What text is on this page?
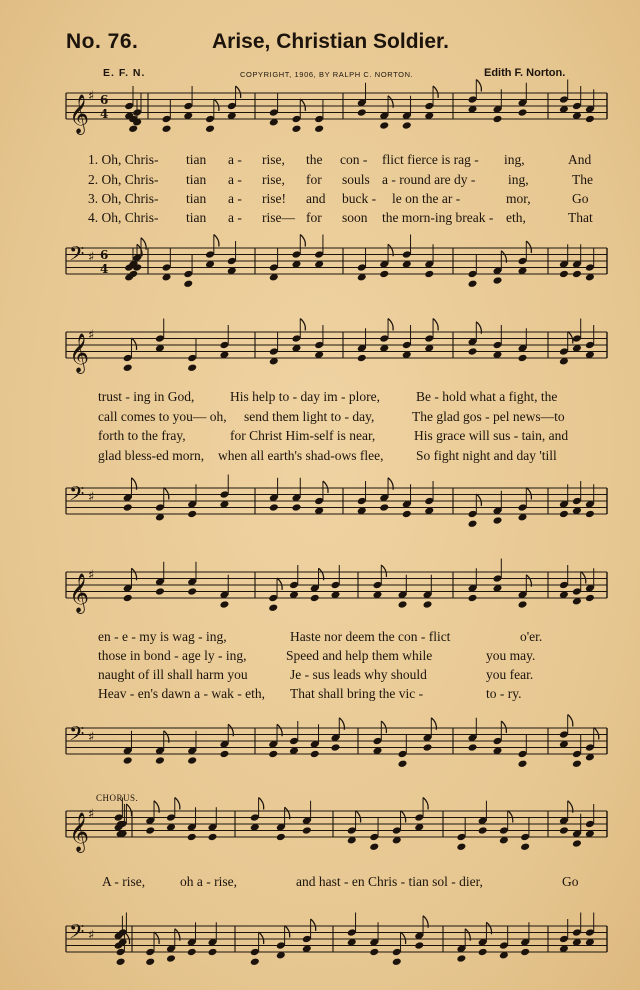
No. 76.	Arise, Christian Soldier.
E. F. N.	COPYRIGHT, 1906, BY RALPH C. NORTON.	Edith F. Norton.
𝄞
♯ 6
4
𝄢 ♯ 6
4
𝄞
♯
𝄢 ♯
𝄞
♯
𝄢 ♯
𝄞
♯
𝄢 ♯
1. Oh, Chris- tian a - rise, the con - flict fierce is rag - ing,	And
2. Oh, Chris- tian a - rise, for souls a - round are dy - ing,	The
3. Oh, Chris- tian a - rise! and buck - le on the ar -	mor,	Go
4. Oh, Chris- tian a - rise— for soon the morn-ing break - eth,	That
trust - ing in God,	His help to - day im - plore,	Be - hold what a fight, the
call comes to you— oh, send them light to - day,	The glad gos - pel news—to
forth to the fray,	for Christ Him-self is near,	His grace will sus - tain, and
glad bless-ed morn, when all earth's shad-ows flee, So fight night and day 'till
en - e - my is wag - ing,	Haste nor deem the con - flict	o'er.
those in bond - age ly - ing,	Speed and help them while	you may.
naught of ill shall harm you	Je - sus leads why should	you fear.
Heav - en's dawn a - wak - eth, That shall bring the vic -	to - ry.
CHORUS.
A - rise,	oh a - rise,	and hast - en Chris - tian sol - dier,	Go
